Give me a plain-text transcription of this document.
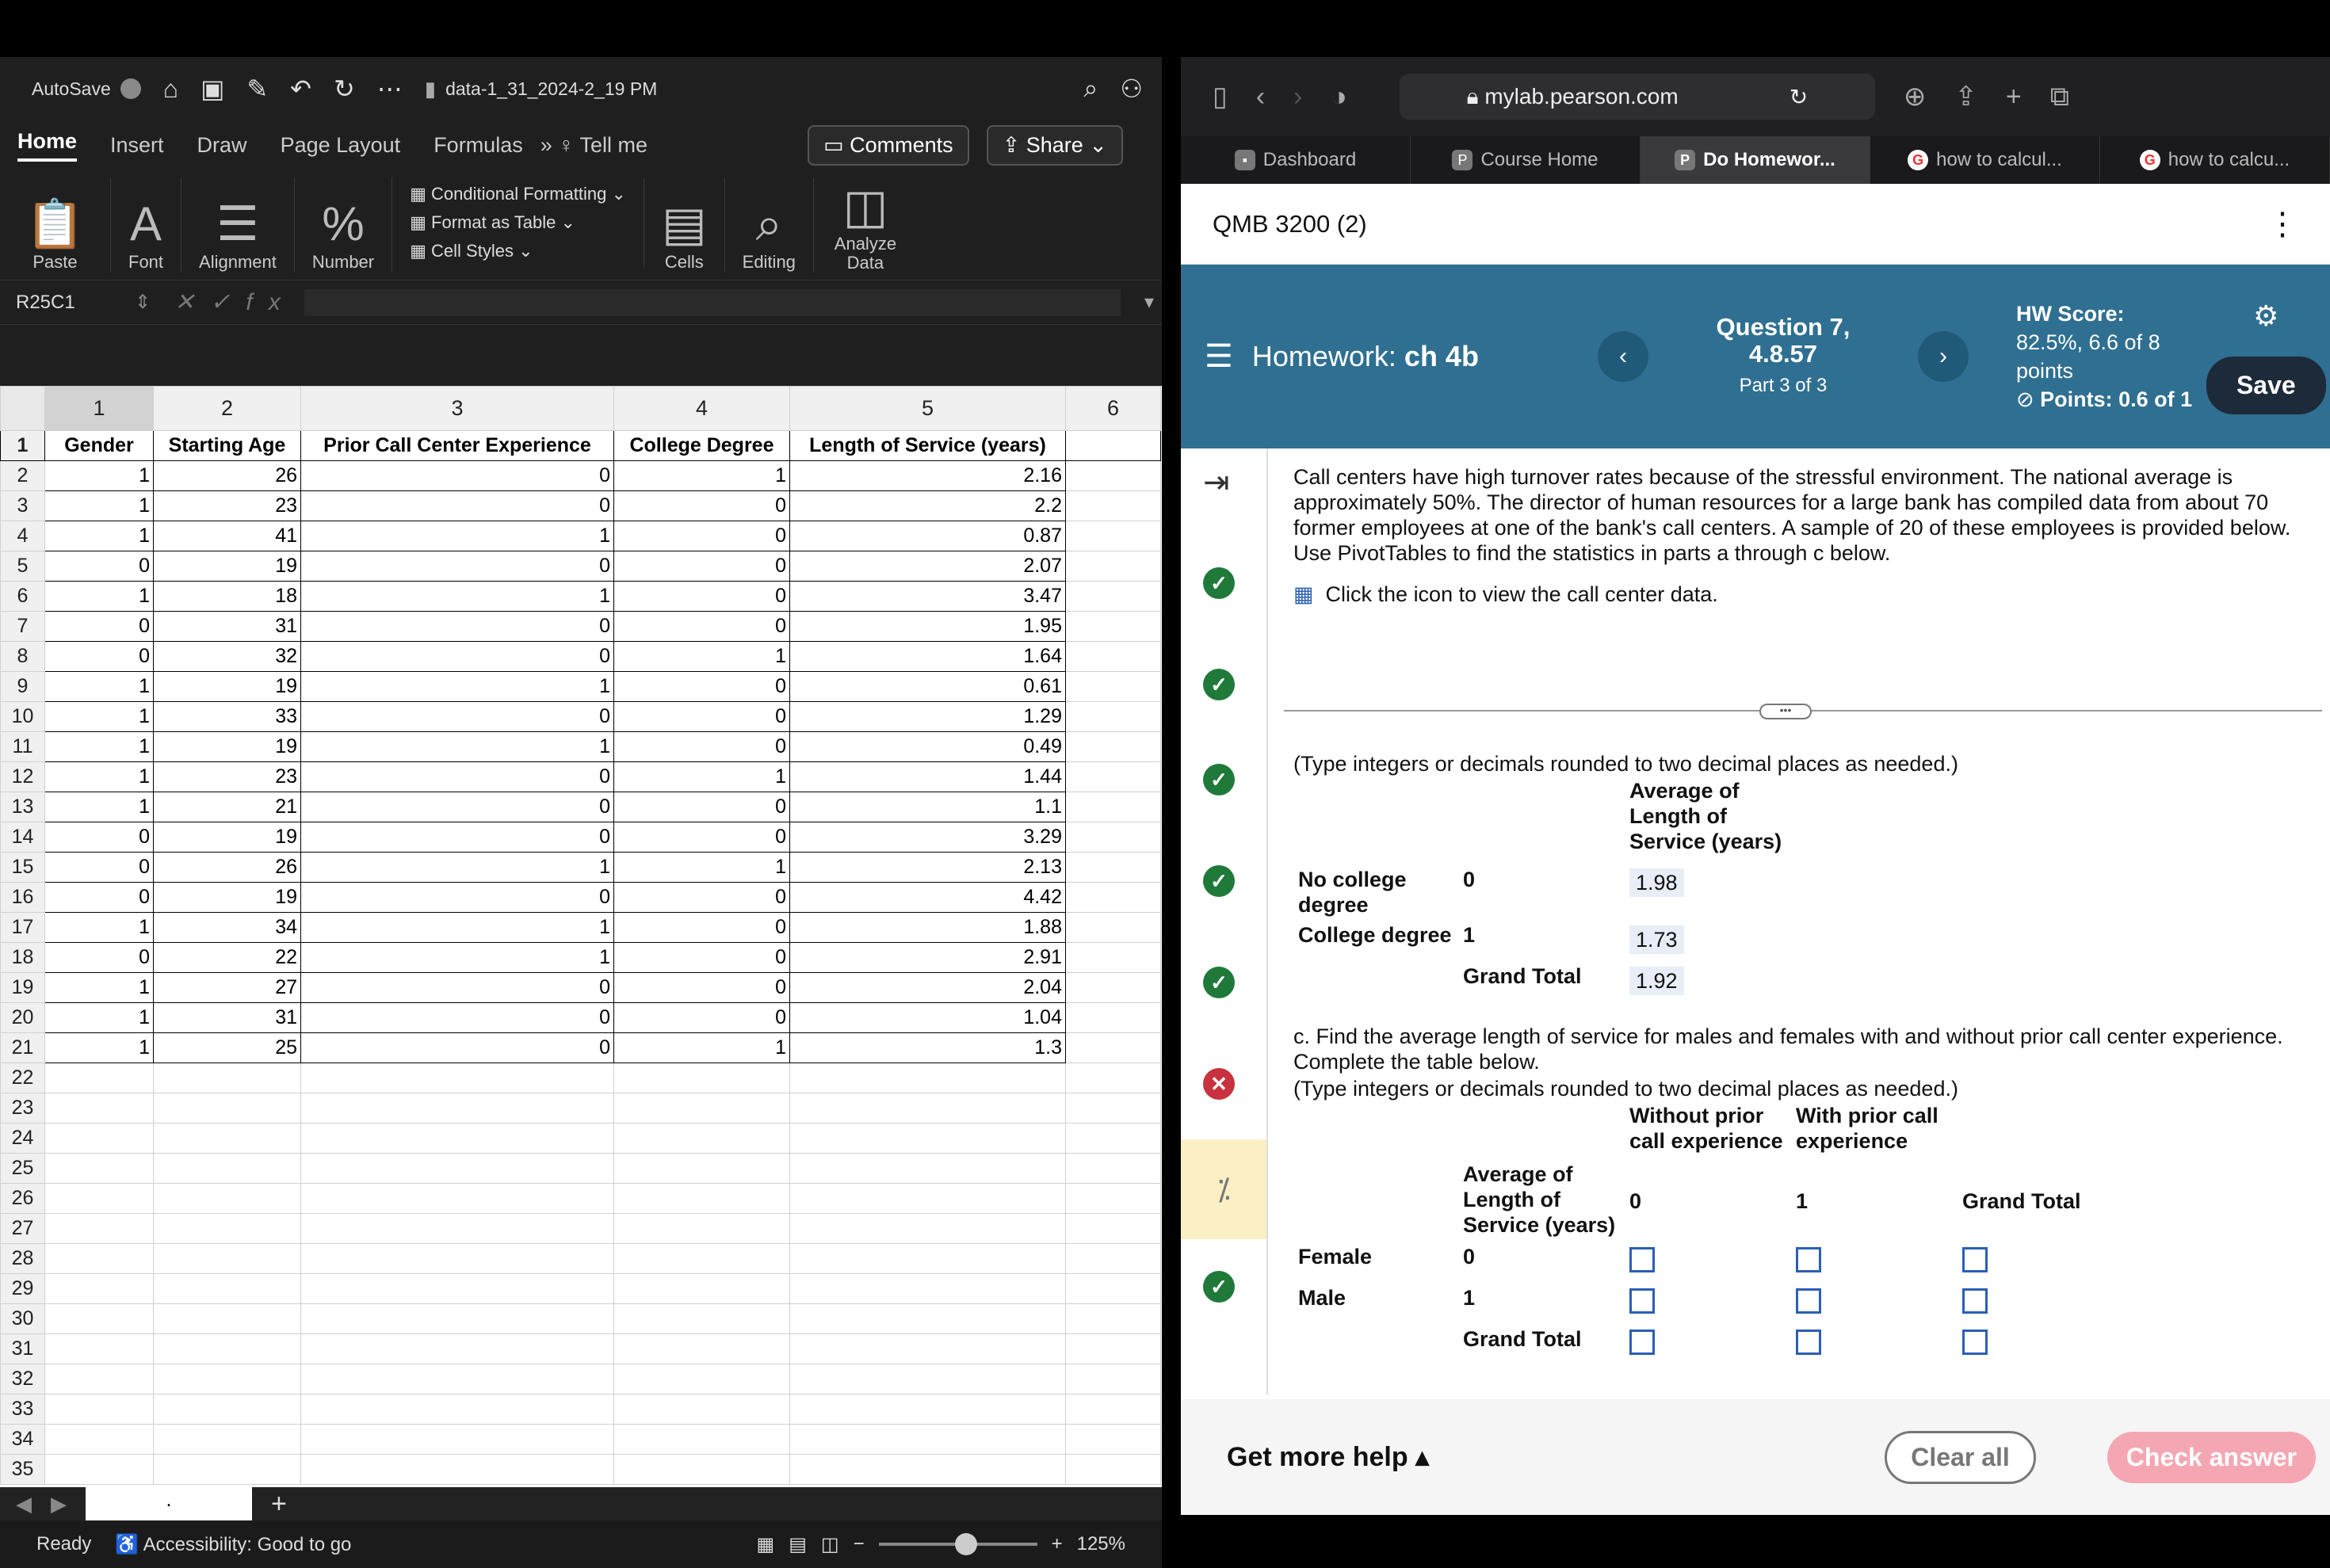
AutoSave ⌂ ▣ ✎ ↶ ↻ ⋯ ▮ data-1_31_2024-2_19 PM	⌕ ⚇
Home Insert Draw Page Layout Formulas » ♀ Tell me	▭ Comments	⇪ Share ⌄
📋
Paste
A
Font
☰
Alignment
%
Number
▦ Conditional Formatting ⌄
▦ Format as Table ⌄
▦ Cell Styles ⌄
▤
Cells
⌕
Editing
◫
Analyze Data
R25C1	⇕ ✕✓fx	▾
	1	2	3	4	5	6
1	Gender	Starting Age	Prior Call Center Experience	College Degree	Length of Service (years)	
2	1	26	0	1	2.16	
3	1	23	0	0	2.2	
4	1	41	1	0	0.87	
5	0	19	0	0	2.07	
6	1	18	1	0	3.47	
7	0	31	0	0	1.95	
8	0	32	0	1	1.64	
9	1	19	1	0	0.61	
10	1	33	0	0	1.29	
11	1	19	1	0	0.49	
12	1	23	0	1	1.44	
13	1	21	0	0	1.1	
14	0	19	0	0	3.29	
15	0	26	1	1	2.13	
16	0	19	0	0	4.42	
17	1	34	1	0	1.88	
18	0	22	1	0	2.91	
19	1	27	0	0	2.04	
20	1	31	0	0	1.04	
21	1	25	0	1	1.3	
22						
23						
24						
25						
26						
27						
28						
29						
30						
31						
32						
33						
34						
35						
◀ ▶	.	+
Ready ♿ Accessibility: Good to go	▦ ▤ ◫ −	+ 125%
▯ ‹ › ◑	🔒︎
mylab.pearson.com	↻	⊕ ⇪ + ⧉
▪ Dashboard	P Course Home	P Do Homewor...	G how to calcul...	G how to calcu...
QMB 3200 (2)	⋮
☰ Homework: ch 4b	‹
Question 7, 4.8.57
Part 3 of 3
›
HW Score:
82.5%, 6.6 of 8 points
⊘ Points: 0.6 of 1
⚙
Save
⇥
✓
✓
✓
✓
✓
✕
⁒
✓

Call centers have high turnover rates because of the stressful environment. The national average is approximately 50%. The director of human resources for a large bank has compiled data from about 70 former employees at one of the bank's call centers. A sample of 20 of these employees is provided below. Use PivotTables to find the statistics in parts a through c below.

▦ Click the icon to view the call center data.

•••
(Type integers or decimals rounded to two decimal places as needed.)
Average of Length of Service (years)
No college degree
0	1.98
College degree 1	1.73
Grand Total	1.92
c. Find the average length of service for males and females with and without prior call center experience. Complete the table below.
(Type integers or decimals rounded to two decimal places as needed.)
Without prior call experience
With prior call experience
Average of Length of Service (years)
0	1	Grand Total
Female	0
Male	1
Grand Total
Get more help ▴	Clear all	Check answer
